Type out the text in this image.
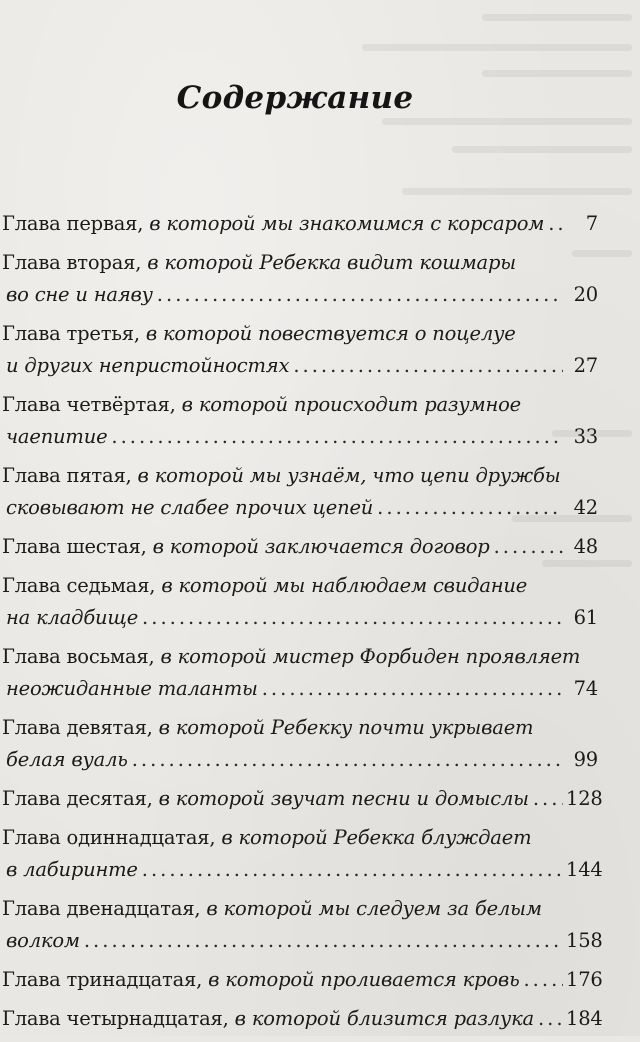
Содержание
Глава первая,
в которой мы знакомимся с корсаром .....	7
Глава вторая,
в которой Ребекка видит кошмары
во сне и наяву .....	20
Глава третья,
в которой повествуется о поцелуе
и других непристойностях .....	27
Глава четвёртая,
в которой происходит разумное
чаепитие .....	33
Глава пятая,
в которой мы узнаём, что цепи дружбы
сковывают не слабее прочих цепей .....	42
Глава шестая,
в которой заключается договор .....	48
Глава седьмая,
в которой мы наблюдаем свидание
на кладбище .....	61
Глава восьмая,
в которой мистер Форбиден проявляет
неожиданные таланты .....	74
Глава девятая,
в которой Ребекку почти укрывает
белая вуаль .....	99
Глава десятая,
в которой звучат песни и домыслы ..... 128
Глава одиннадцатая,
в которой Ребекка блуждает
в лабиринте .....	144
Глава двенадцатая,
в которой мы следуем за белым
волком .....	158
Глава тринадцатая,
в которой проливается кровь ..... 176
Глава четырнадцатая,
в которой близится разлука ..... 184
